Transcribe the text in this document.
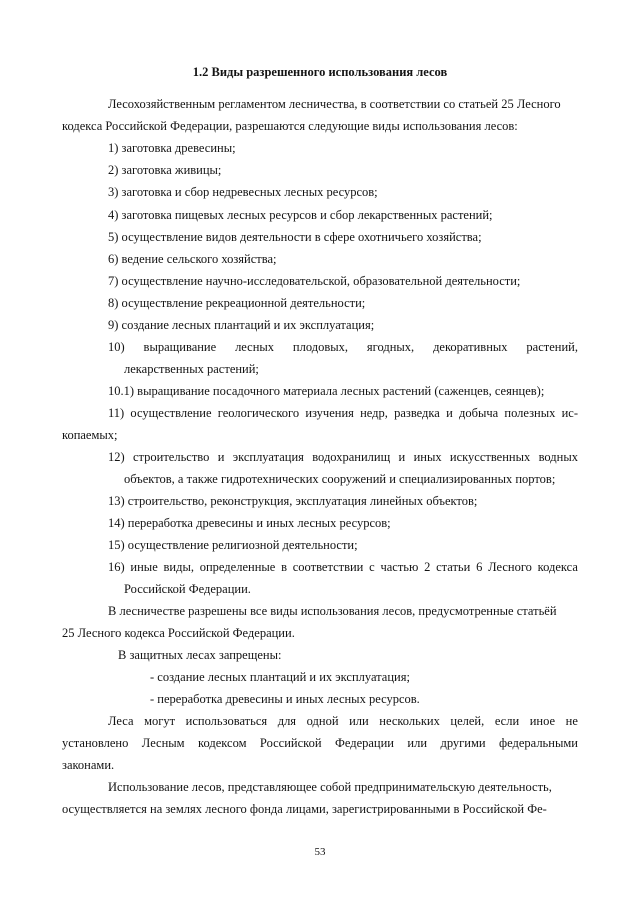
1.2 Виды разрешенного использования лесов
Лесохозяйственным регламентом лесничества, в соответствии со статьей 25 Лесного
кодекса Российской Федерации, разрешаются следующие виды использования лесов:
1) заготовка древесины;
2) заготовка живицы;
3) заготовка и сбор недревесных лесных ресурсов;
4) заготовка пищевых лесных ресурсов и сбор лекарственных растений;
5) осуществление видов деятельности в сфере охотничьего хозяйства;
6) ведение сельского хозяйства;
7) осуществление научно-исследовательской, образовательной деятельности;
8) осуществление рекреационной деятельности;
9) создание лесных плантаций и их эксплуатация;
10) выращивание лесных плодовых, ягодных, декоративных растений,
лекарственных растений;
10.1) выращивание посадочного материала лесных растений (саженцев, сеянцев);
11) осуществление геологического изучения недр, разведка и добыча полезных ис-
копаемых;
12) строительство и эксплуатация водохранилищ и иных искусственных водных
объектов, а также гидротехнических сооружений и специализированных портов;
13) строительство, реконструкция, эксплуатация линейных объектов;
14) переработка древесины и иных лесных ресурсов;
15) осуществление религиозной деятельности;
16) иные виды, определенные в соответствии с частью 2 статьи 6 Лесного кодекса
Российской Федерации.
В лесничестве разрешены все виды использования лесов, предусмотренные статьёй
25 Лесного кодекса Российской Федерации.
В защитных лесах запрещены:
- создание лесных плантаций и их эксплуатация;
- переработка древесины и иных лесных ресурсов.
Леса могут использоваться для одной или нескольких целей, если иное не
установлено Лесным кодексом Российской Федерации или другими федеральными
законами.
Использование лесов, представляющее собой предпринимательскую деятельность,
осуществляется на землях лесного фонда лицами, зарегистрированными в Российской Фе-
53
